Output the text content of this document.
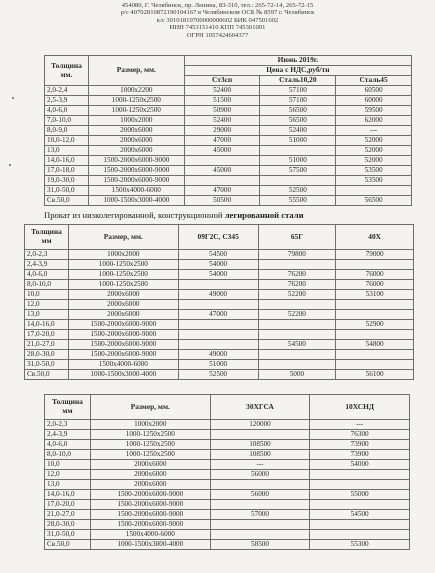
454080, Г. Челябинск, пр. Ленина, 83-310, тел.: 265-72-14, 265-72-15
р/с 40702810872190104167 в Челябинском ОСБ № 8597 г. Челябинск
к/с 30101810700000000602 БИК 047501602
ИНН 7453151410 КПП 745301001
ОГРН 1057424604377
Толщина мм.	Размер, мм.	Июнь 2019г.		
		Цена с НДС,руб/тн		
		Ст3сп	Сталь10,20	Сталь45
2,0-2,4	1000x2200	52400	57100	60500
2,5-3,9	1000-1250x2500	51500	57100	60000
4,0-6,0	1000-1250x2500	50900	56500	59500
7,0-10,0	1000x2000	52400	56500	62000
8,0-9,0	2000x6000	29000	52400	---
10,0-12,0	2000x6000	47000	51000	52000
13,0	2000x6000	45000		52000
14,0-16,0	1500-2000x6000-9000		51000	52000
17,0-18,0	1500-2000x6000-9000	45000	57500	53500
19,0-30,0	1500-2000x6000-9000			53500
31,0-50,0	1500x4000-6000	47000	52500	
Св.50,0	1000-1500x3000-4000	50500	55500	56500
Прокат из низколегированной, конструкционной легированной стали
Толщина мм	Размер, мм.	09Г2С, С345	65Г	40Х
2,0-2,3	1000x2000	54500	79800	79000
2,4-3,9	1000-1250x2500	54000		
4,0-6,0	1000-1250x2500	54000	76200	76000
8,0-10,0	1000-1250x2500		76200	76000
10,0	2000x6000	49000	52200	53100
12,0	2000x6000			
13,0	2000x6000	47000	52200	
14,0-16,0	1500-2000x6000-9000			52900
17,0-20,0	1500-2000x6000-9000			
21,0-27,0	1500-2000x6000-9000		54500	54800
28,0-30,0	1500-2000x6000-9000	49000		
31,0-50,0	1500x4000-6000	51000		
Св.50,0	1000-1500x3000-4000	52500	5000	56100
Толщина мм	Размер, мм.	30ХГСА	10ХСНД
2,0-2,3	1000x2000	120000	---
2,4-3,9	1000-1250x2500		76300
4,0-6,0	1000-1250x2500	108500	73900
8,0-10,0	1000-1250x2500	108500	73900
10,0	2000x6000	---	54000
12,0	2000x6000	56000	
13,0	2000x6000		
14,0-16,0	1500-2000x6000-9000	56000	55000
17,0-20,0	1500-2000x6000-9000		
21,0-27,0	1500-2000x6000-9000	57000	54500
28,0-30,0	1500-2000x6000-9000		
31,0-50,0	1500x4000-6000		
Св.50,0	1000-1500x3000-4000	58500	55300
